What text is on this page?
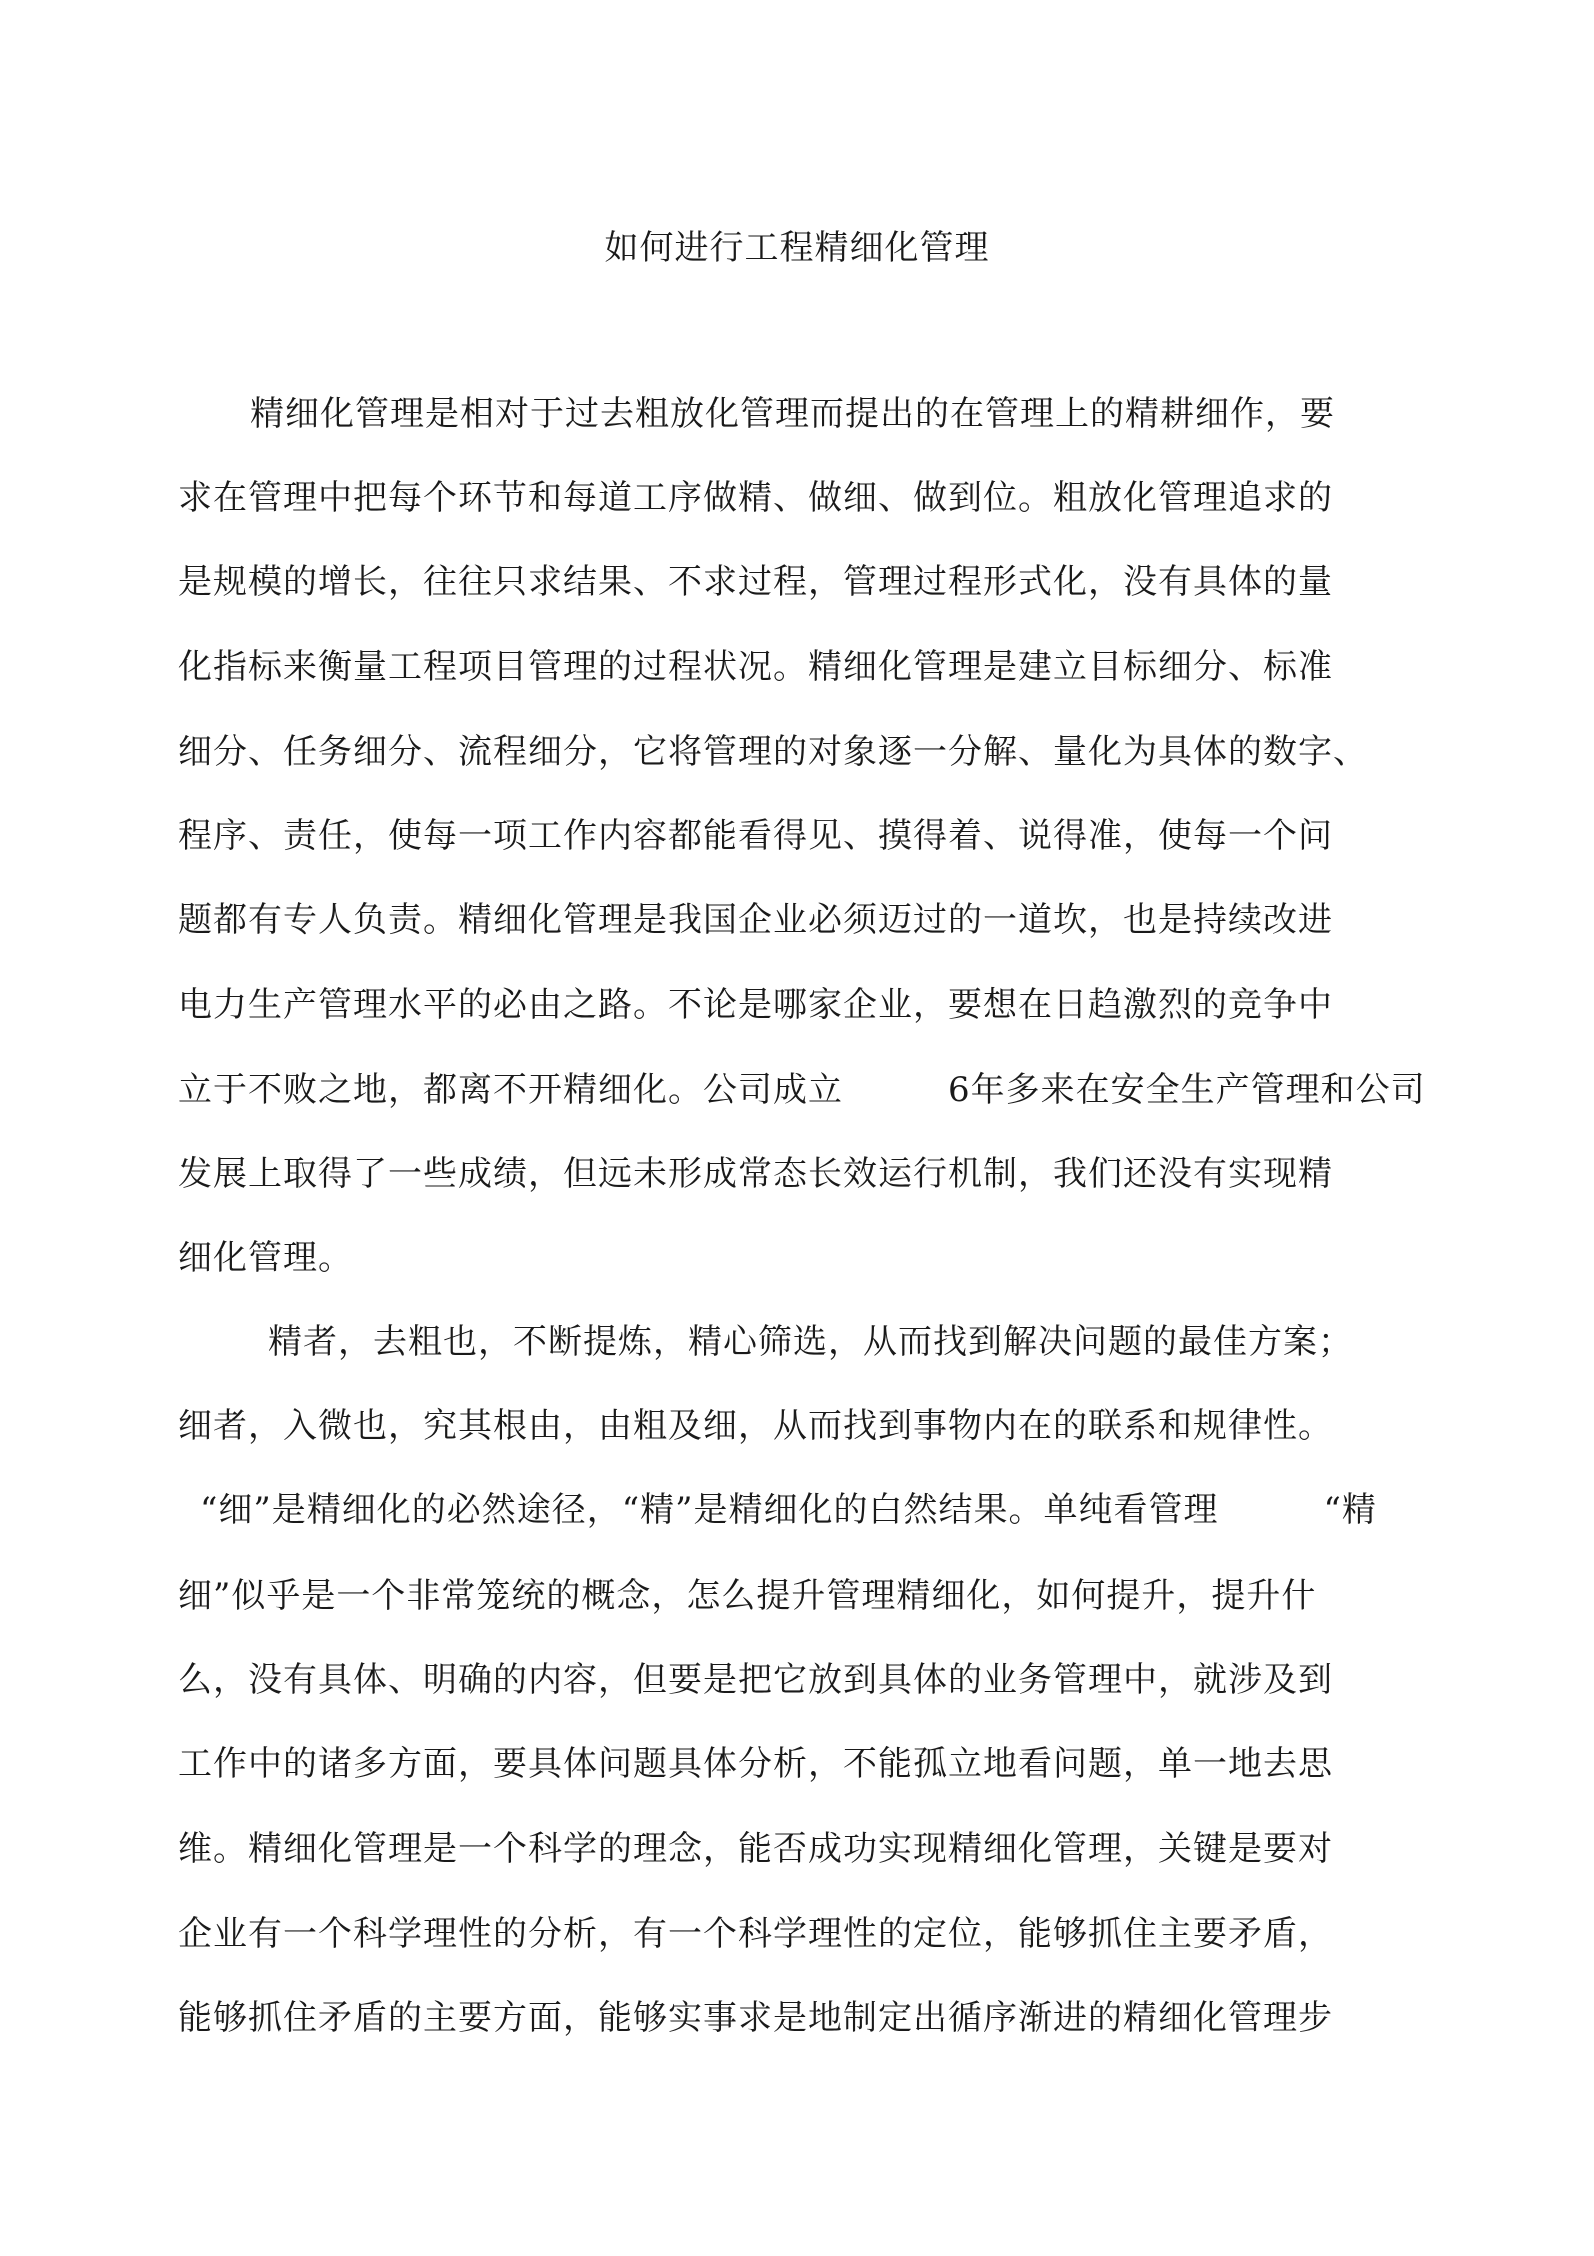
如何进行工程精细化管理
精细化管理是相对于过去粗放化管理而提出的在管理上的精耕细作，要
求在管理中把每个环节和每道工序做精、做细、做到位。粗放化管理追求的
是规模的增长，往往只求结果、不求过程，管理过程形式化，没有具体的量
化指标来衡量工程项目管理的过程状况。精细化管理是建立目标细分、标准
细分、任务细分、流程细分，它将管理的对象逐一分解、量化为具体的数字、
程序、责任，使每一项工作内容都能看得见、摸得着、说得准，使每一个问
题都有专人负责。精细化管理是我国企业必须迈过的一道坎，也是持续改进
电力生产管理水平的必由之路。不论是哪家企业，要想在日趋激烈的竞争中
立于不败之地，都离不开精细化。公司成立　　　6年多来在安全生产管理和公司
发展上取得了一些成绩，但远未形成常态长效运行机制，我们还没有实现精
细化管理。
精者，去粗也，不断提炼，精心筛选，从而找到解决问题的最佳方案；
细者，入微也，究其根由，由粗及细，从而找到事物内在的联系和规律性。
“细”是精细化的必然途径，“精”是精细化的白然结果。单纯看管理　　　“精
细”似乎是一个非常笼统的概念，怎么提升管理精细化，如何提升，提升什
么，没有具体、明确的内容，但要是把它放到具体的业务管理中，就涉及到
工作中的诸多方面，要具体问题具体分析，不能孤立地看问题，单一地去思
维。精细化管理是一个科学的理念，能否成功实现精细化管理，关键是要对
企业有一个科学理性的分析，有一个科学理性的定位，能够抓住主要矛盾，
能够抓住矛盾的主要方面，能够实事求是地制定出循序渐进的精细化管理步
